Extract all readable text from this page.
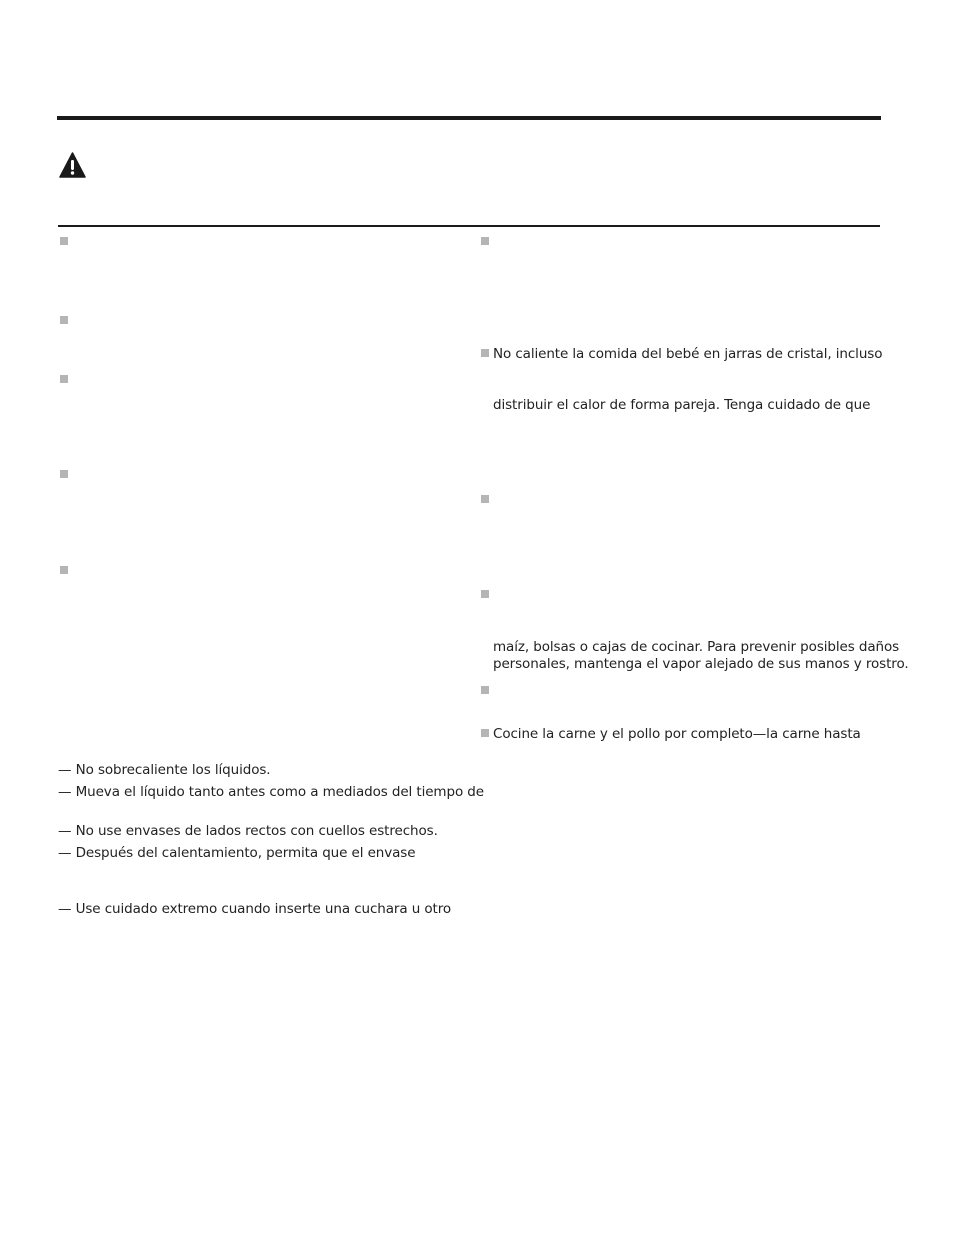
— No sobrecaliente los líquidos.
— Mueva el líquido tanto antes como a mediados del tiempo de
— No use envases de lados rectos con cuellos estrechos.
— Después del calentamiento, permita que el envase
— Use cuidado extremo cuando inserte una cuchara u otro
No caliente la comida del bebé en jarras de cristal, incluso
distribuir el calor de forma pareja. Tenga cuidado de que
maíz, bolsas o cajas de cocinar. Para prevenir posibles daños
personales, mantenga el vapor alejado de sus manos y rostro.
Cocine la carne y el pollo por completo—la carne hasta
